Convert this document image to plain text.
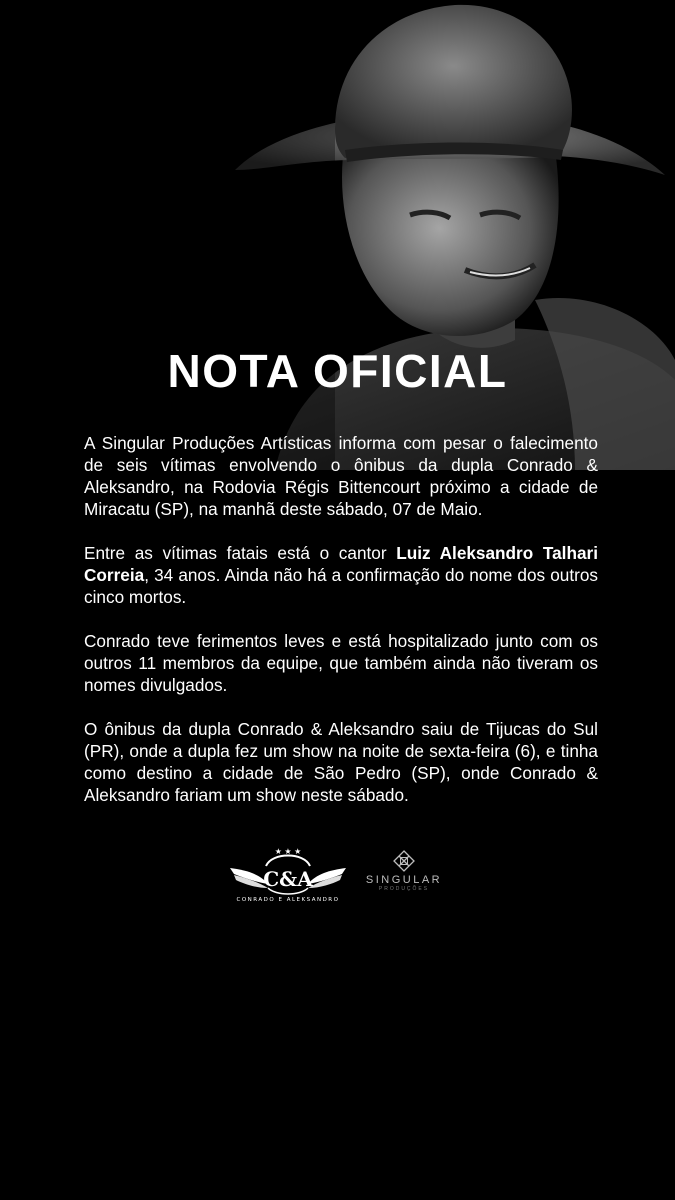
NOTA OFICIAL

A Singular Produções Artísticas informa com pesar o falecimento de seis vítimas envolvendo o ônibus da dupla Conrado & Aleksandro, na Rodovia Régis Bittencourt próximo a cidade de Miracatu (SP), na manhã deste sábado, 07 de Maio.

Entre as vítimas fatais está o cantor Luiz Aleksandro Talhari Correia, 34 anos. Ainda não há a confirmação do nome dos outros cinco mortos.

Conrado teve ferimentos leves e está hospitalizado junto com os outros 11 membros da equipe, que também ainda não tiveram os nomes divulgados.

O ônibus da dupla Conrado & Aleksandro saiu de Tijucas do Sul (PR), onde a dupla fez um show na noite de sexta-feira (6), e tinha como destino a cidade de São Pedro (SP), onde Conrado & Aleksandro fariam um show neste sábado.

★ ★ ★
C&A
CONRADO E ALEKSANDRO
SINGULAR
PRODUÇÕES
